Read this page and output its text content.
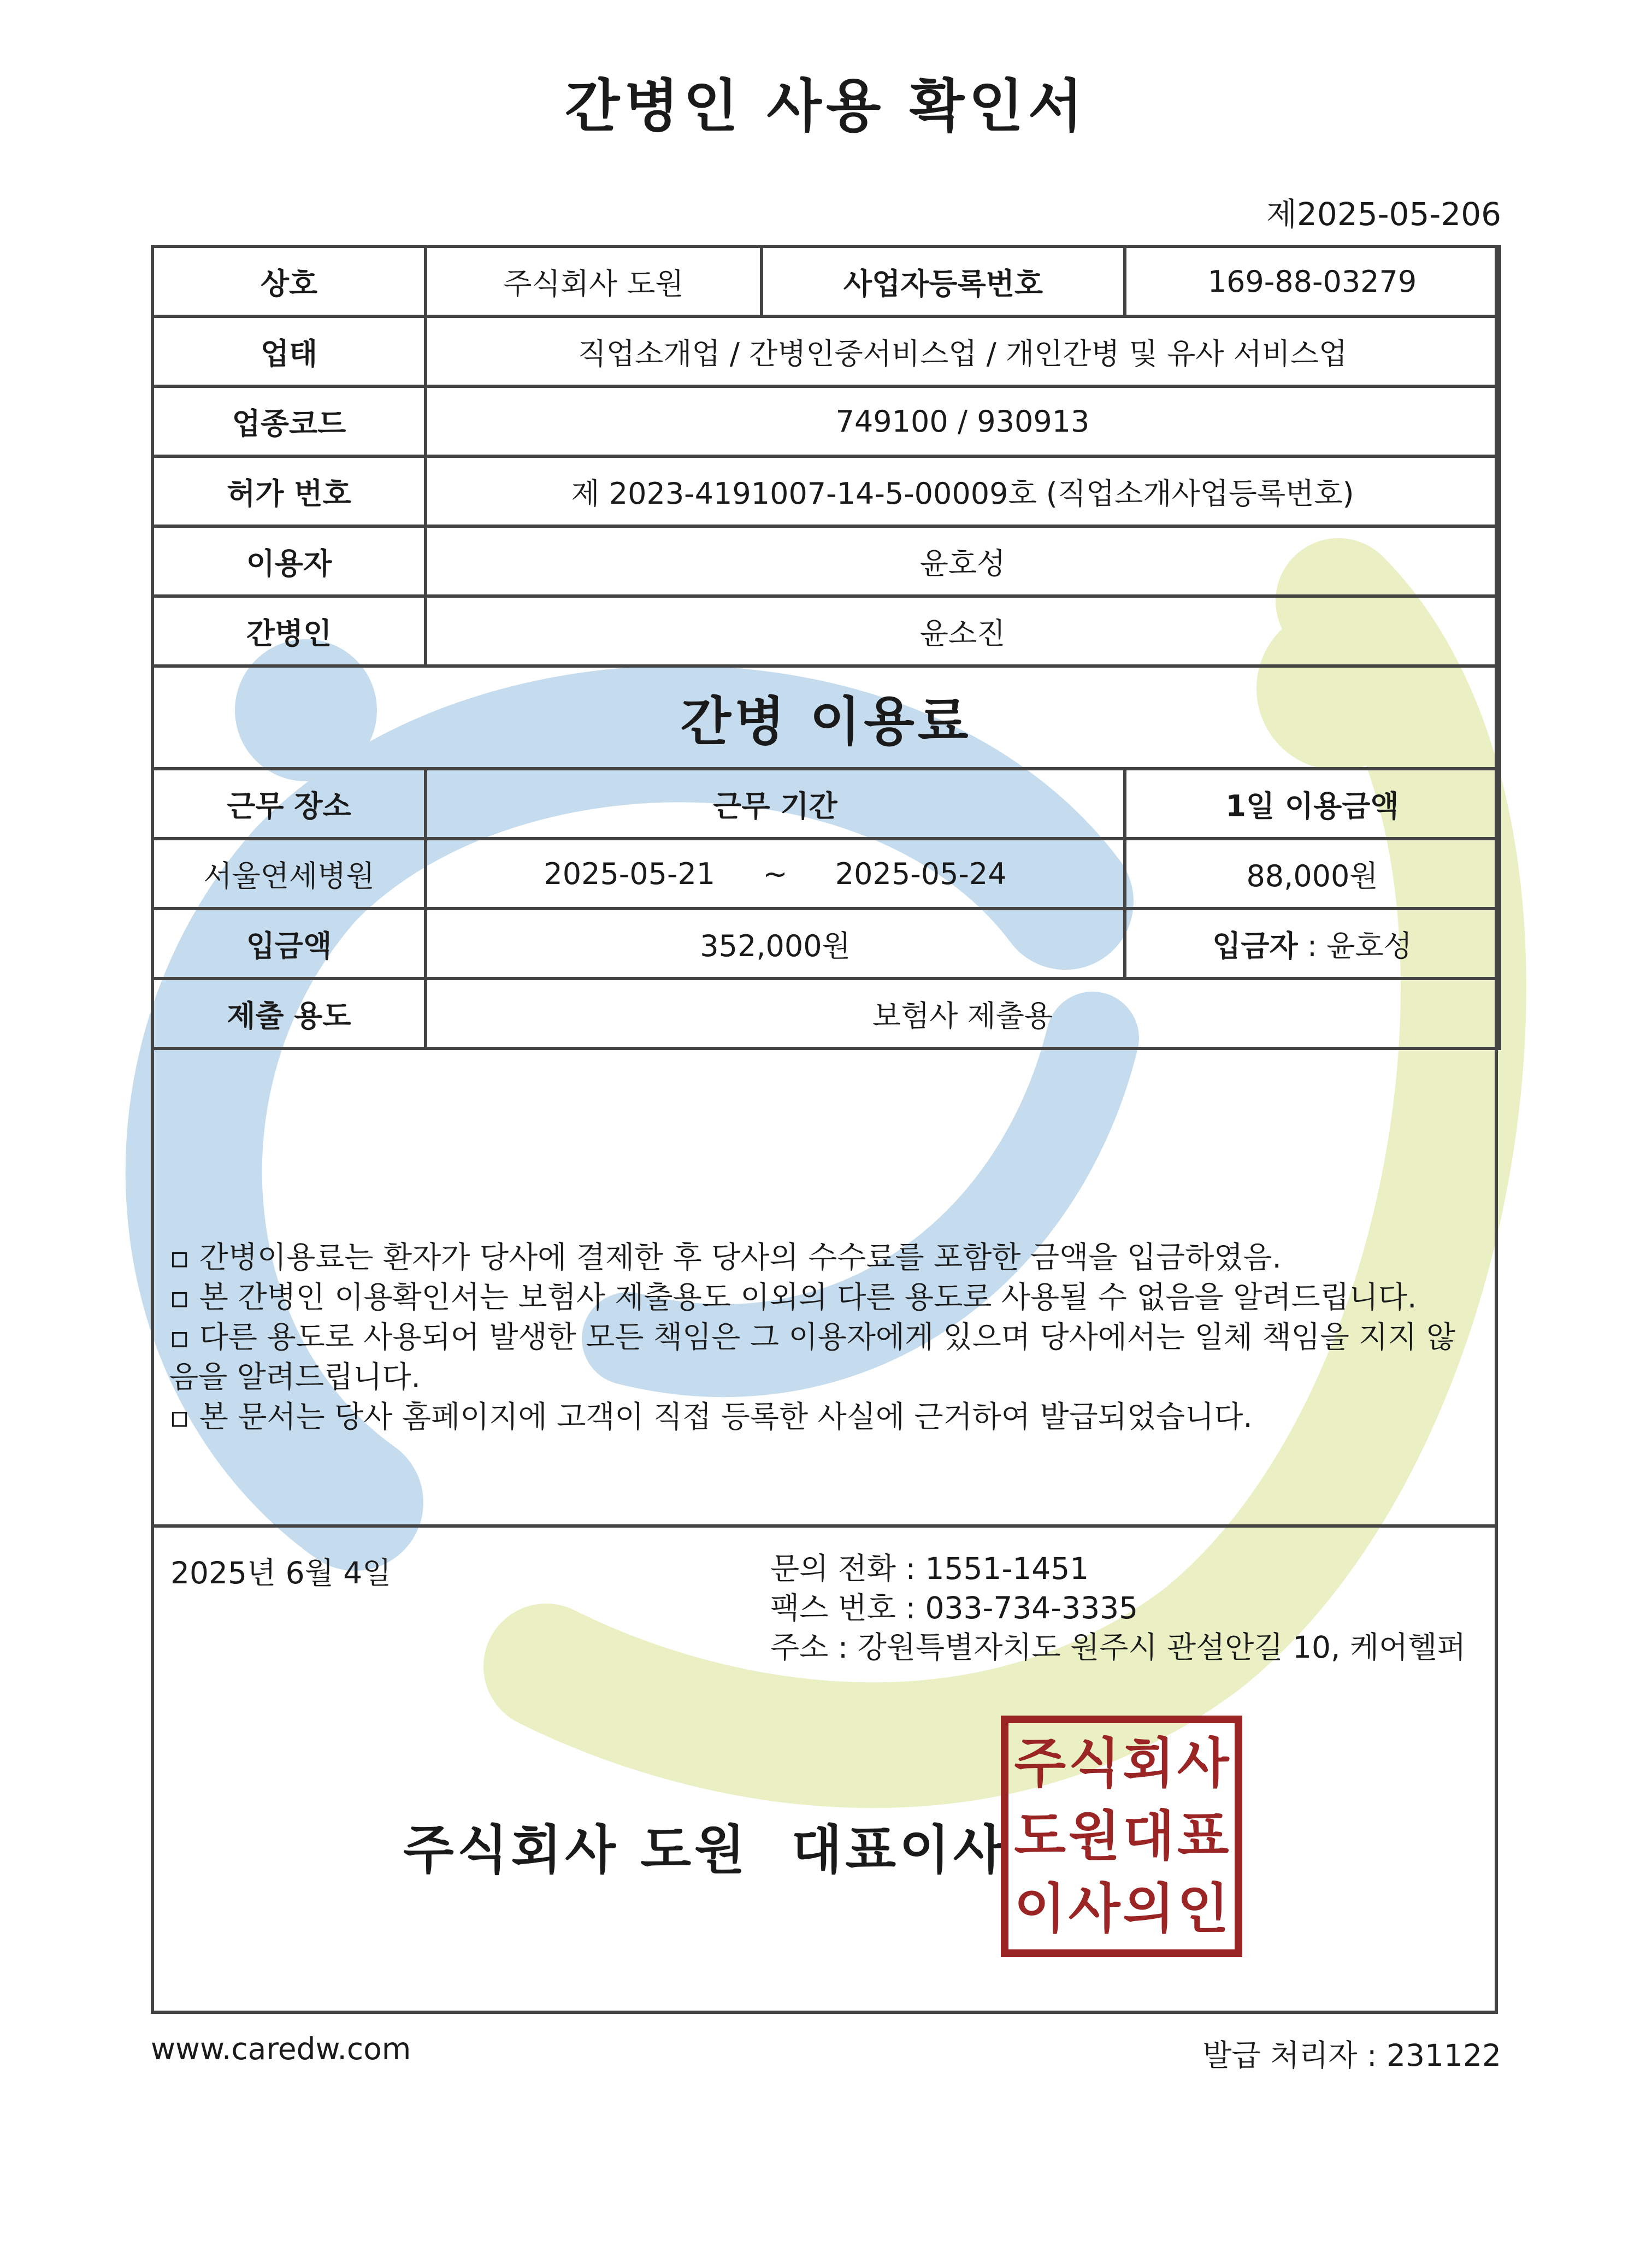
간병인 사용 확인서
제2025-05-206
상호	주식회사 도원	사업자등록번호	169-88-03279
업태	직업소개업 / 간병인중서비스업 / 개인간병 및 유사 서비스업		
업종코드	749100 / 930913		
허가 번호	제 2023-4191007-14-5-00009호 (직업소개사업등록번호)		
이용자	윤호성		
간병인	윤소진		
간병 이용료			
근무 장소	근무 기간		1일 이용금액
서울연세병원	2025-05-21 ~ 2025-05-24		88,000원
입금액	352,000원		입금자 : 윤호성
제출 용도	보험사 제출용		
▫ 간병이용료는 환자가 당사에 결제한 후 당사의 수수료를 포함한 금액을 입금하였음.
▫ 본 간병인 이용확인서는 보험사 제출용도 이외의 다른 용도로 사용될 수 없음을 알려드립니다.
▫ 다른 용도로 사용되어 발생한 모든 책임은 그 이용자에게 있으며 당사에서는 일체 책임을 지지 않음을 알려드립니다.
▫ 본 문서는 당사 홈페이지에 고객이 직접 등록한 사실에 근거하여 발급되었습니다.
2025년 6월 4일	문의 전화 : 1551-1451
팩스 번호 : 033-734-3335
주소 : 강원특별자치도 원주시 관설안길 10, 케어헬퍼
주식회사 도원  대표이사
주 식 회 사
도 원 대 표
이 사 의 인
www.caredw.com	발급 처리자 : 231122
